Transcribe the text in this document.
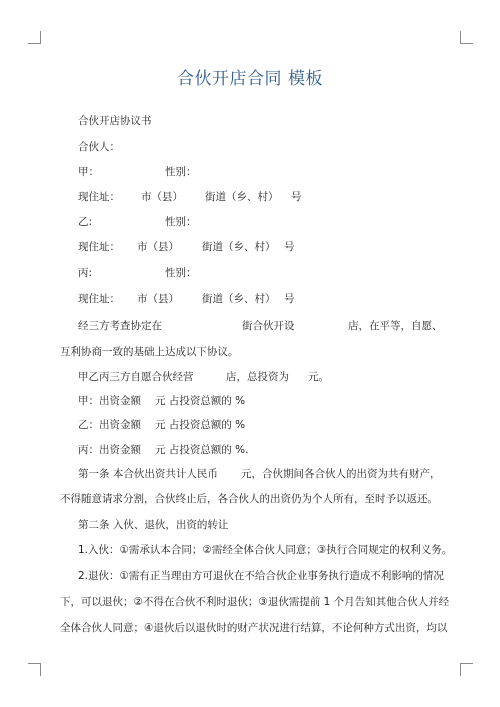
合伙开店合同 模板
合伙开店协议书
合伙人：
甲：	性别：
现住址： 市（县） 街道（乡、村） 号
乙:	性别：
现住址： 市（县） 街道（乡、村） 号
丙:	性别：
现住址： 市（县） 街道（乡、村） 号
经三方考查协定在	街合伙开设	店，在平等，自愿、
互利协商一致的基础上达成以下协议。
甲乙丙三方自愿合伙经营	店，总投资为 元。
甲：出资金额 元 占投资总额的 %
乙：出资金额 元 占投资总额的 %
丙：出资金额 元 占投资总额的 %.
第一条 本合伙出资共计人民币 元，合伙期间各合伙人的出资为共有财产，
不得随意请求分割，合伙终止后，各合伙人的出资仍为个人所有，至时予以返还。
第二条 入伙、退伙，出资的转让
1.入伙：①需承认本合同；②需经全体合伙人同意；③执行合同规定的权利义务。
2.退伙：①需有正当理由方可退伙在不给合伙企业事务执行造成不利影响的情况
下，可以退伙；②不得在合伙不利时退伙；③退伙需提前 1 个月告知其他合伙人并经
全体合伙人同意；④退伙后以退伙时的财产状况进行结算，不论何种方式出资，均以
